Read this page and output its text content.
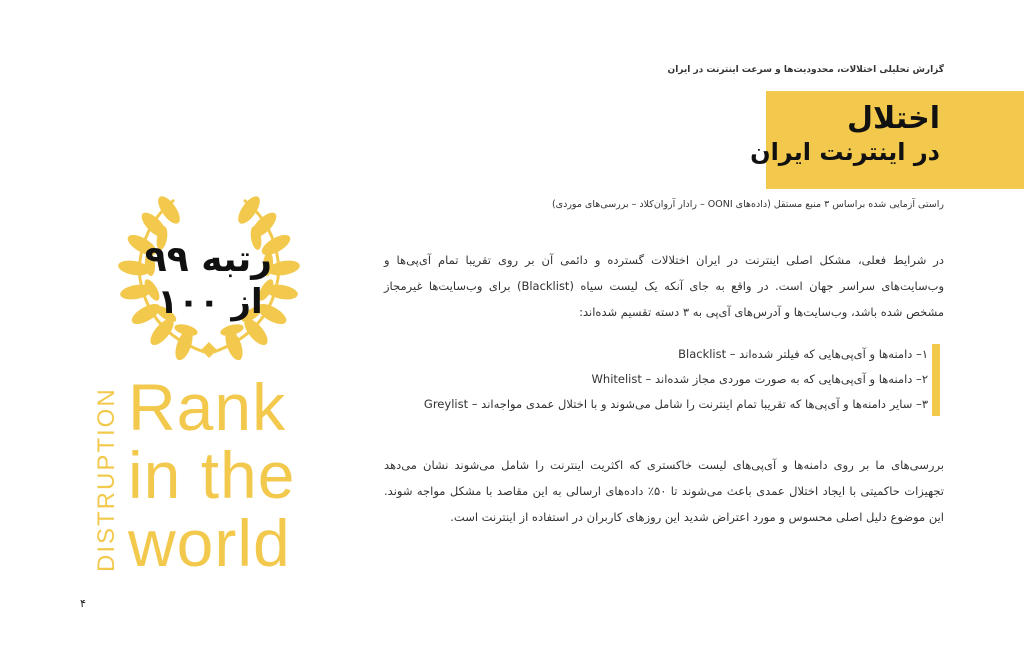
گزارش تحلیلی اختلالات، محدودیت‌ها و سرعت اینترنت در ایران
اختلال
در اینترنت ایران
راستی آزمایی شده براساس ۳ منبع مستقل (داده‌های OONI – رادار آروان‌کلاد – بررسی‌های موردی)
در شرایط فعلی، مشکل اصلی اینترنت در ایران اختلالات گسترده و دائمی آن بر روی تقریبا تمام آی‌پی‌ها و وب‌سایت‌های سراسر جهان است. در واقع به جای آنکه یک لیست سیاه (Blacklist) برای وب‌سایت‌ها غیرمجاز مشخص شده باشد، وب‌سایت‌ها و آدرس‌های آی‌پی به ۳ دسته تقسیم شده‌اند:
۱– دامنه‌ها و آی‌پی‌هایی که فیلتر شده‌اند – Blacklist
۲– دامنه‌ها و آی‌پی‌هایی که به صورت موردی مجاز شده‌اند – Whitelist
۳– سایر دامنه‌ها و آی‌پی‌ها که تقریبا تمام اینترنت را شامل می‌شوند و با اختلال عمدی مواجه‌اند – Greylist
بررسی‌های ما بر روی دامنه‌ها و آی‌پی‌های لیست خاکستری که اکثریت اینترنت را شامل می‌شوند نشان می‌دهد تجهیزات حاکمیتی با ایجاد اختلال عمدی باعث می‌شوند تا ۵۰٪ داده‌های ارسالی به این مقاصد با مشکل مواجه شوند. این موضوع دلیل اصلی محسوس و مورد اعتراض شدید این روزهای کاربران در استفاده از اینترنت است.
رتبه ۹۹
از ۱۰۰
DISTRUPTION Rank
in the
world
۴
